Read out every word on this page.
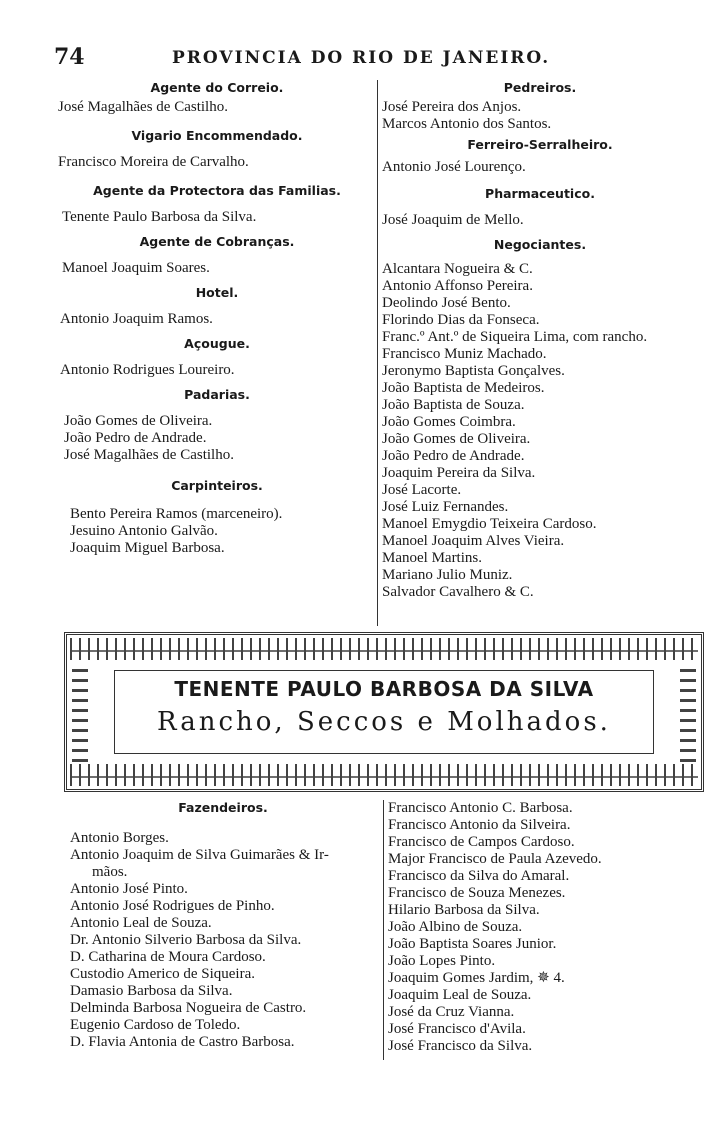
74	PROVINCIA DO RIO DE JANEIRO.
Agente do Correio.
José Magalhães de Castilho.
Vigario Encommendado.
Francisco Moreira de Carvalho.
Agente da Protectora das Familias.
Tenente Paulo Barbosa da Silva.
Agente de Cobranças.
Manoel Joaquim Soares.
Hotel.
Antonio Joaquim Ramos.
Açougue.
Antonio Rodrigues Loureiro.
Padarias.
João Gomes de Oliveira.
João Pedro de Andrade.
José Magalhães de Castilho.
Carpinteiros.
Bento Pereira Ramos (marceneiro).
Jesuino Antonio Galvão.
Joaquim Miguel Barbosa.
Pedreiros.
José Pereira dos Anjos.
Marcos Antonio dos Santos.
Ferreiro-Serralheiro.
Antonio José Lourenço.
Pharmaceutico.
José Joaquim de Mello.
Negociantes.
Alcantara Nogueira & C.
Antonio Affonso Pereira.
Deolindo José Bento.
Florindo Dias da Fonseca.
Franc.º Ant.º de Siqueira Lima, com rancho.
Francisco Muniz Machado.
Jeronymo Baptista Gonçalves.
João Baptista de Medeiros.
João Baptista de Souza.
João Gomes Coimbra.
João Gomes de Oliveira.
João Pedro de Andrade.
Joaquim Pereira da Silva.
José Lacorte.
José Luiz Fernandes.
Manoel Emygdio Teixeira Cardoso.
Manoel Joaquim Alves Vieira.
Manoel Martins.
Mariano Julio Muniz.
Salvador Cavalhero & C.
TENENTE PAULO BARBOSA DA SILVA
Rancho, Seccos e Molhados.
Fazendeiros.
Antonio Borges.
Antonio Joaquim de Silva Guimarães & Ir-
mãos.
Antonio José Pinto.
Antonio José Rodrigues de Pinho.
Antonio Leal de Souza.
Dr. Antonio Silverio Barbosa da Silva.
D. Catharina de Moura Cardoso.
Custodio Americo de Siqueira.
Damasio Barbosa da Silva.
Delminda Barbosa Nogueira de Castro.
Eugenio Cardoso de Toledo.
D. Flavia Antonia de Castro Barbosa.
Francisco Antonio C. Barbosa.
Francisco Antonio da Silveira.
Francisco de Campos Cardoso.
Major Francisco de Paula Azevedo.
Francisco da Silva do Amaral.
Francisco de Souza Menezes.
Hilario Barbosa da Silva.
João Albino de Souza.
João Baptista Soares Junior.
João Lopes Pinto.
Joaquim Gomes Jardim, ✵ 4.
Joaquim Leal de Souza.
José da Cruz Vianna.
José Francisco d'Avila.
José Francisco da Silva.
